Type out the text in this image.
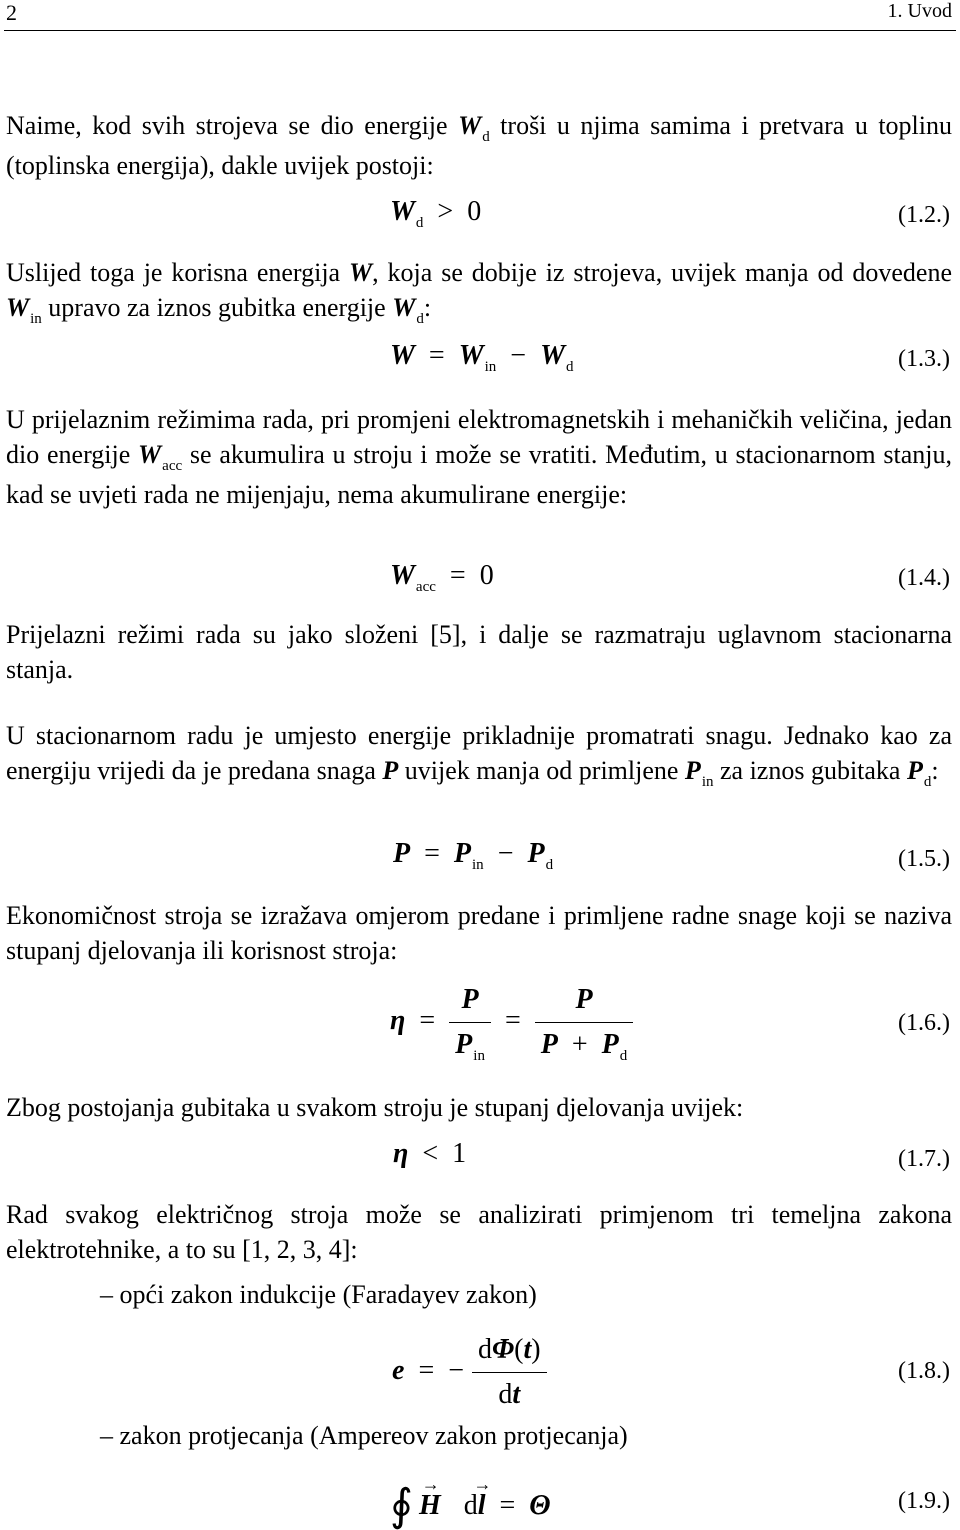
2	1. Uvod
Naime, kod svih strojeva se dio energije $W_d$ troši u njima samima i pretvara u toplinu (toplinska energija), dakle uvijek postoji:
$W_d > 0$	(1.2.)
Uslijed toga je korisna energija W, koja se dobije iz strojeva, uvijek manja od dovedene $W_{in}$ upravo za iznos gubitka energije $W_d$:
$W = W_{in} - W_d$	(1.3.)
U prijelaznim režimima rada, pri promjeni elektromagnetskih i mehaničkih veličina, jedan dio energije $W_{acc}$ se akumulira u stroju i može se vratiti. Međutim, u stacionarnom stanju, kad se uvjeti rada ne mijenjaju, nema akumulirane energije:
$W_{acc} = 0$	(1.4.)
Prijelazni režimi rada su jako složeni [5], i dalje se razmatraju uglavnom stacionarna stanja.
U stacionarnom radu je umjesto energije prikladnije promatrati snagu. Jednako kao za energiju vrijedi da je predana snaga P uvijek manja od primljene $P_{in}$ za iznos gubitaka $P_d$:
$P = P_{in} - P_d$	(1.5.)
Ekonomičnost stroja se izražava omjerom predane i primljene radne snage koji se naziva stupanj djelovanja ili korisnost stroja:
$\eta = \frac{P}{P_{in}} = \frac{P}{P + P_d}$	(1.6.)
Zbog postojanja gubitaka u svakom stroju je stupanj djelovanja uvijek:
η < 1	(1.7.)
Rad svakog električnog stroja može se analizirati primjenom tri temeljna zakona elektrotehnike, a to su [1, 2, 3, 4]:
– opći zakon indukcije (Faradayev zakon)
e = − $\frac{d\Phi(t)}{dt}$	(1.8.)
– zakon protjecanja (Ampereov zakon protjecanja)
∮→ H d→ l = Θ	(1.9.)
